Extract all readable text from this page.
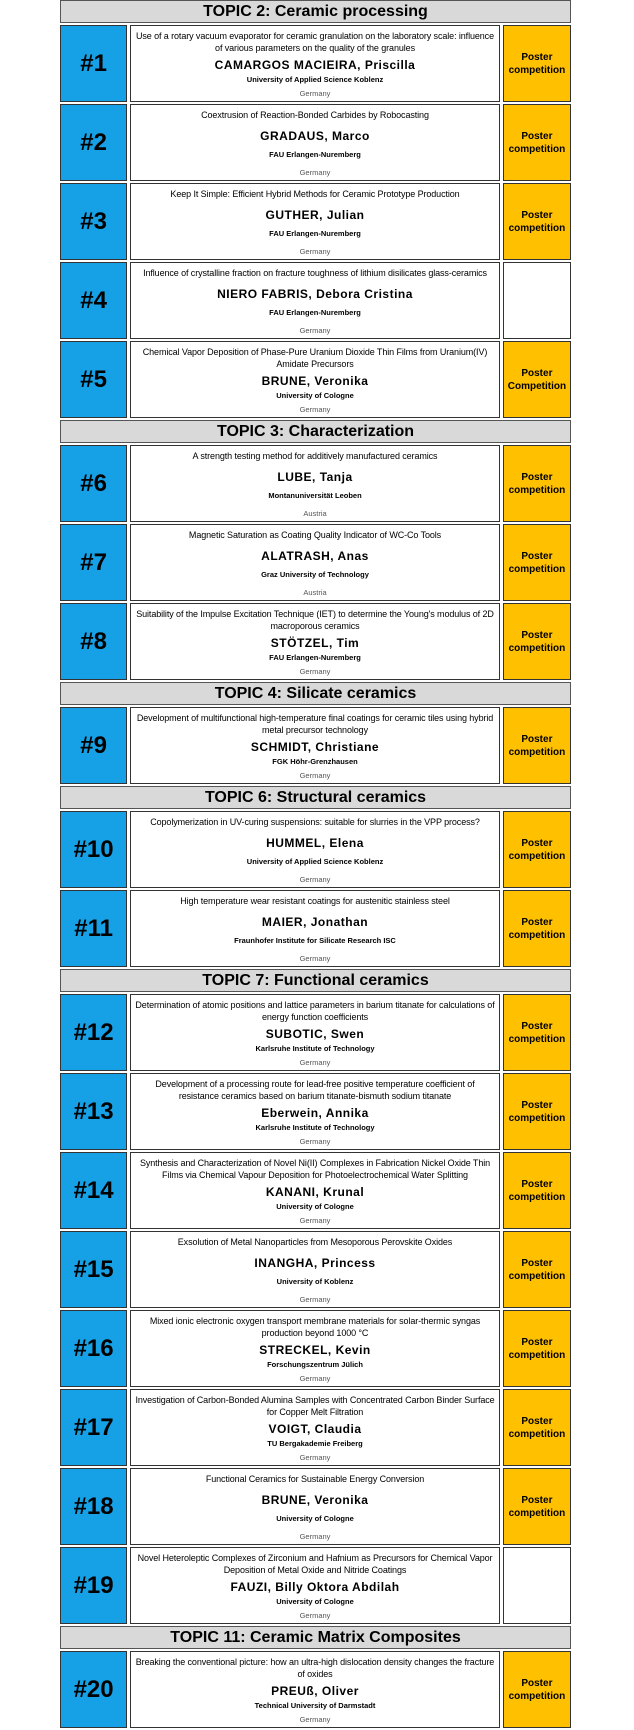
TOPIC 2: Ceramic processing
#1
Use of a rotary vacuum evaporator for ceramic granulation on the laboratory scale: influence of various parameters on the quality of the granules
CAMARGOS MACIEIRA, Priscilla
University of Applied Science Koblenz
Germany
Poster competition
#2
Coextrusion of Reaction-Bonded Carbides by Robocasting
GRADAUS, Marco
FAU Erlangen-Nuremberg
Germany
Poster competition
#3
Keep It Simple: Efficient Hybrid Methods for Ceramic Prototype Production
GUTHER, Julian
FAU Erlangen-Nuremberg
Germany
Poster competition
#4
Influence of crystalline fraction on fracture toughness of lithium disilicates glass-ceramics
NIERO FABRIS, Debora Cristina
FAU Erlangen-Nuremberg
Germany
#5
Chemical Vapor Deposition of Phase-Pure Uranium Dioxide Thin Films from Uranium(IV) Amidate Precursors
BRUNE, Veronika
University of Cologne
Germany
Poster Competition
TOPIC 3: Characterization
#6
A strength testing method for additively manufactured ceramics
LUBE, Tanja
Montanuniversität Leoben
Austria
Poster competition
#7
Magnetic Saturation as Coating Quality Indicator of WC-Co Tools
ALATRASH, Anas
Graz University of Technology
Austria
Poster competition
#8
Suitability of the Impulse Excitation Technique (IET) to determine the Young's modulus of 2D macroporous ceramics
STÖTZEL, Tim
FAU Erlangen-Nuremberg
Germany
Poster competition
TOPIC 4: Silicate ceramics
#9
Development of multifunctional high-temperature final coatings for ceramic tiles using hybrid metal precursor technology
SCHMIDT, Christiane
FGK Höhr-Grenzhausen
Germany
Poster competition
TOPIC 6: Structural ceramics
#10
Copolymerization in UV-curing suspensions: suitable for slurries in the VPP process?
HUMMEL, Elena
University of Applied Science Koblenz
Germany
Poster competition
#11
High temperature wear resistant coatings for austenitic stainless steel
MAIER, Jonathan
Fraunhofer Institute for Silicate Research ISC
Germany
Poster competition
TOPIC 7: Functional ceramics
#12
Determination of atomic positions and lattice parameters in barium titanate for calculations of energy function coefficients
SUBOTIC, Swen
Karlsruhe Institute of Technology
Germany
Poster competition
#13
Development of a processing route for lead-free positive temperature coefficient of resistance ceramics based on barium titanate-bismuth sodium titanate
Eberwein, Annika
Karlsruhe Institute of Technology
Germany
Poster competition
#14
Synthesis and Characterization of Novel Ni(II) Complexes in Fabrication Nickel Oxide Thin Films via Chemical Vapour Deposition for Photoelectrochemical Water Splitting
KANANI, Krunal
University of Cologne
Germany
Poster competition
#15
Exsolution of Metal Nanoparticles from Mesoporous Perovskite Oxides
INANGHA, Princess
University of Koblenz
Germany
Poster competition
#16
Mixed ionic electronic oxygen transport membrane materials for solar-thermic syngas production beyond 1000 °C
STRECKEL, Kevin
Forschungszentrum Jülich
Germany
Poster competition
#17
Investigation of Carbon-Bonded Alumina Samples with Concentrated Carbon Binder Surface for Copper Melt Filtration
VOIGT, Claudia
TU Bergakademie Freiberg
Germany
Poster competition
#18
Functional Ceramics for Sustainable Energy Conversion
BRUNE, Veronika
University of Cologne
Germany
Poster competition
#19
Novel Heteroleptic Complexes of Zirconium and Hafnium as Precursors for Chemical Vapor Deposition of Metal Oxide and Nitride Coatings
FAUZI, Billy Oktora Abdilah
University of Cologne
Germany
TOPIC 11: Ceramic Matrix Composites
#20
Breaking the conventional picture: how an ultra-high dislocation density changes the fracture of oxides
PREUß, Oliver
Technical University of Darmstadt
Germany
Poster competition
